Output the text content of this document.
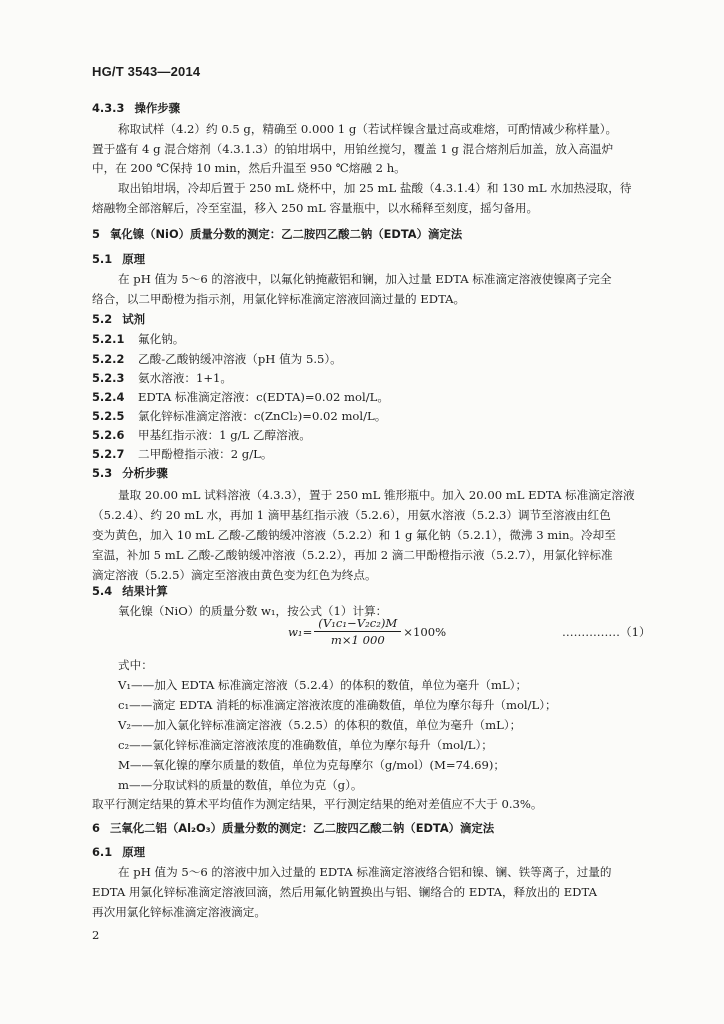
HG/T 3543—2014
4.3.3 操作步骤
称取试样（4.2）约 0.5 g，精确至 0.000 1 g（若试样镍含量过高或难熔，可酌情减少称样量）。
置于盛有 4 g 混合熔剂（4.3.1.3）的铂坩埚中，用铂丝搅匀，覆盖 1 g 混合熔剂后加盖，放入高温炉
中，在 200 ℃保持 10 min，然后升温至 950 ℃熔融 2 h。
取出铂坩埚，冷却后置于 250 mL 烧杯中，加 25 mL 盐酸（4.3.1.4）和 130 mL 水加热浸取，待
熔融物全部溶解后，冷至室温，移入 250 mL 容量瓶中，以水稀释至刻度，摇匀备用。
5 氧化镍（NiO）质量分数的测定：乙二胺四乙酸二钠（EDTA）滴定法
5.1 原理
在 pH 值为 5～6 的溶液中，以氟化钠掩蔽铝和镧，加入过量 EDTA 标准滴定溶液使镍离子完全
络合，以二甲酚橙为指示剂，用氯化锌标准滴定溶液回滴过量的 EDTA。
5.2 试剂
5.2.1 氟化钠。
5.2.2 乙酸-乙酸钠缓冲溶液（pH 值为 5.5）。
5.2.3 氨水溶液：1+1。
5.2.4 EDTA 标准滴定溶液：c(EDTA)=0.02 mol/L。
5.2.5 氯化锌标准滴定溶液：c(ZnCl₂)=0.02 mol/L。
5.2.6 甲基红指示液：1 g/L 乙醇溶液。
5.2.7 二甲酚橙指示液：2 g/L。
5.3 分析步骤
量取 20.00 mL 试料溶液（4.3.3），置于 250 mL 锥形瓶中。加入 20.00 mL EDTA 标准滴定溶液
（5.2.4）、约 20 mL 水，再加 1 滴甲基红指示液（5.2.6），用氨水溶液（5.2.3）调节至溶液由红色
变为黄色，加入 10 mL 乙酸-乙酸钠缓冲溶液（5.2.2）和 1 g 氟化钠（5.2.1），微沸 3 min。冷却至
室温，补加 5 mL 乙酸-乙酸钠缓冲溶液（5.2.2），再加 2 滴二甲酚橙指示液（5.2.7），用氯化锌标准
滴定溶液（5.2.5）滴定至溶液由黄色变为红色为终点。
5.4 结果计算
氧化镍（NiO）的质量分数 w₁，按公式（1）计算：
$w_1= \frac{\text{(V₁c₁−V₂c₂)M}}{m\times 1 000} \times 100\%$	……………（1）
式中：
V₁——加入 EDTA 标准滴定溶液（5.2.4）的体积的数值，单位为毫升（mL）；
c₁——滴定 EDTA 消耗的标准滴定溶液浓度的准确数值，单位为摩尔每升（mol/L）；
V₂——加入氯化锌标准滴定溶液（5.2.5）的体积的数值，单位为毫升（mL）；
c₂——氯化锌标准滴定溶液浓度的准确数值，单位为摩尔每升（mol/L）；
M——氧化镍的摩尔质量的数值，单位为克每摩尔（g/mol）(M=74.69)；
m——分取试料的质量的数值，单位为克（g）。
取平行测定结果的算术平均值作为测定结果，平行测定结果的绝对差值应不大于 0.3%。
6 三氧化二铝（Al₂O₃）质量分数的测定：乙二胺四乙酸二钠（EDTA）滴定法
6.1 原理
在 pH 值为 5～6 的溶液中加入过量的 EDTA 标准滴定溶液络合铝和镍、镧、铁等离子，过量的
EDTA 用氯化锌标准滴定溶液回滴，然后用氟化钠置换出与铝、镧络合的 EDTA，释放出的 EDTA
再次用氯化锌标准滴定溶液滴定。
2
